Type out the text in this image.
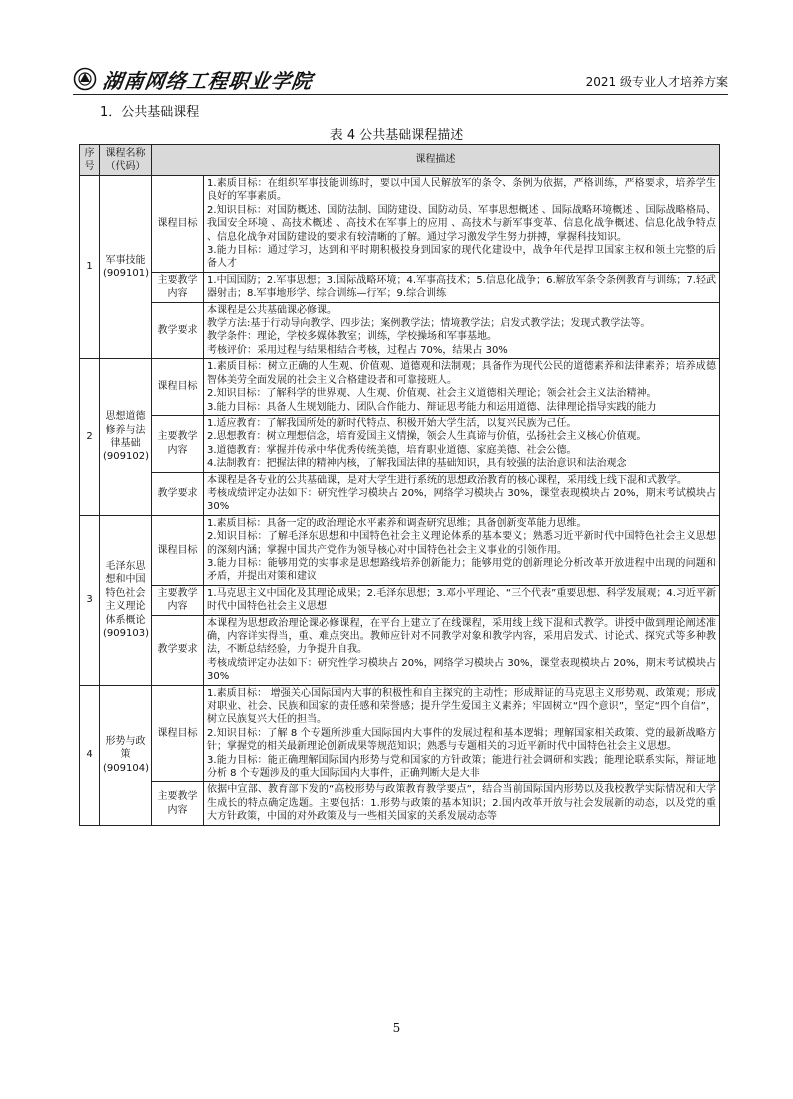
湖南网络工程职业学院	2021 级专业人才培养方案
1．公共基础课程
表 4 公共基础课程描述
序号	课程名称（代码）	课程描述	
1	军事技能(909101)	课程目标	1.素质目标：在组织军事技能训练时，要以中国人民解放军的条令、条例为依据，严格训练，严格要求，培养学生良好的军事素质。
2.知识目标：对国防概述、国防法制、国防建设、国防动员、军事思想概述 、国际战略环境概述 、国际战略格局、我国安全环境 、高技术概述 、高技术在军事上的应用 、高技术与新军事变革、信息化战争概述、信息化战争特点 、信息化战争对国防建设的要求有较清晰的了解。通过学习激发学生努力拼搏，掌握科技知识。
3.能力目标：通过学习，达到和平时期积极投身到国家的现代化建设中，战争年代是捍卫国家主权和领土完整的后备人才

		主要教学内容	1.中国国防；2.军事思想；3.国际战略环境；4.军事高技术；5.信息化战争；6.解放军条令条例教育与训练；7.轻武器射击；8.军事地形学、综合训练—行军；9.综合训练

		教学要求	本课程是公共基础课必修课。
教学方法:基于行动导向教学、四步法；案例教学法；情境教学法；启发式教学法；发现式教学法等。
教学条件：理论，学校多媒体教室；训练，学校操场和军事基地。
考核评价：采用过程与结果相结合考核，过程占 70%，结果占 30%

2	思想道德修养与法律基础(909102)	课程目标	1.素质目标：树立正确的人生观、价值观、道德观和法制观；具备作为现代公民的道德素养和法律素养；培养成德智体美劳全面发展的社会主义合格建设者和可靠接班人。
2.知识目标：了解科学的世界观、人生观、价值观、社会主义道德相关理论；领会社会主义法治精神。
3.能力目标：具备人生规划能力、团队合作能力、辩证思考能力和运用道德、法律理论指导实践的能力

		主要教学内容	1.适应教育：了解我国所处的新时代特点、积极开始大学生活，以复兴民族为己任。
2.思想教育：树立理想信念，培育爱国主义情操，领会人生真谛与价值，弘扬社会主义核心价值观。
3.道德教育：掌握并传承中华优秀传统美德，培育职业道德、家庭美德、社会公德。
4.法制教育：把握法律的精神内核，了解我国法律的基础知识，具有较强的法治意识和法治观念

		教学要求	本课程是各专业的公共基础课，是对大学生进行系统的思想政治教育的核心课程，采用线上线下混和式教学。
考核成绩评定办法如下：研究性学习模块占 20%，网络学习模块占 30%，课堂表现模块占 20%，期末考试模块占 30%

3	毛泽东思想和中国特色社会主义理论体系概论(909103)	课程目标	1.素质目标：具备一定的政治理论水平素养和调查研究思维；具备创新变革能力思维。
2.知识目标：了解毛泽东思想和中国特色社会主义理论体系的基本要义；熟悉习近平新时代中国特色社会主义思想的深刻内涵；掌握中国共产党作为领导核心对中国特色社会主义事业的引领作用。
3.能力目标：能够用党的实事求是思想路线培养创新能力；能够用党的创新理论分析改革开放进程中出现的问题和矛盾，并提出对策和建议

		主要教学内容	1.马克思主义中国化及其理论成果；2.毛泽东思想；3.邓小平理论、“三个代表”重要思想、科学发展观；4.习近平新时代中国特色社会主义思想

		教学要求	本课程为思想政治理论课必修课程，在平台上建立了在线课程，采用线上线下混和式教学。讲授中做到理论阐述准确，内容详实得当，重、难点突出。教师应针对不同教学对象和教学内容，采用启发式、讨论式、探究式等多种教法，不断总结经验，力争提升自我。
考核成绩评定办法如下：研究性学习模块占 20%，网络学习模块占 30%，课堂表现模块占 20%，期末考试模块占 30%

4	形势与政策(909104)	课程目标	1.素质目标： 增强关心国际国内大事的积极性和自主探究的主动性；形成辩证的马克思主义形势观、政策观；形成对职业、社会、民族和国家的责任感和荣誉感；提升学生爱国主义素养；牢固树立“四个意识”，坚定“四个自信”，树立民族复兴大任的担当。
2.知识目标：了解 8 个专题所涉重大国际国内大事件的发展过程和基本逻辑；理解国家相关政策、党的最新战略方针；掌握党的相关最新理论创新成果等规范知识；熟悉与专题相关的习近平新时代中国特色社会主义思想。
3.能力目标：能正确理解国际国内形势与党和国家的方针政策；能进行社会调研和实践；能理论联系实际，辩证地分析 8 个专题涉及的重大国际国内大事件，正确判断大是大非

		主要教学内容	依据中宣部、教育部下发的“高校形势与政策教育教学要点”，结合当前国际国内形势以及我校教学实际情况和大学生成长的特点确定选题。主要包括：1.形势与政策的基本知识；2.国内改革开放与社会发展新的动态，以及党的重大方针政策，中国的对外政策及与一些相关国家的关系发展动态等
5
